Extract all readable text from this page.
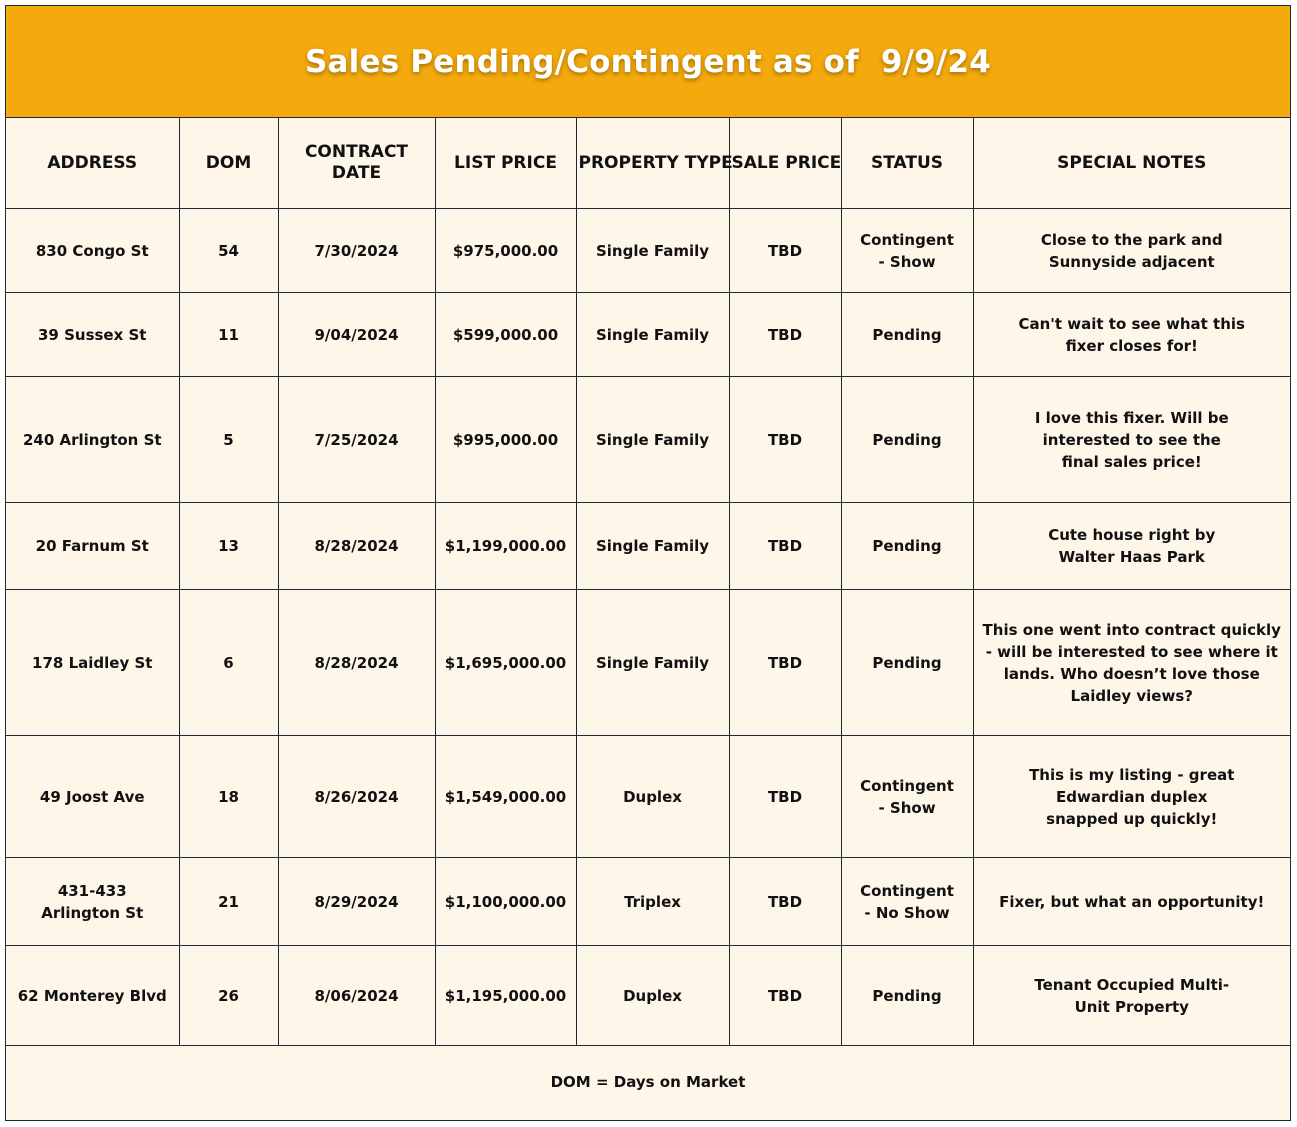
Sales Pending/Contingent as of  9/9/24
ADDRESS	DOM	CONTRACT DATE	LIST PRICE	PROPERTY TYPE	SALE PRICE	STATUS	SPECIAL NOTES
830 Congo St	54	7/30/2024	$975,000.00	Single Family	TBD	Contingent - Show	Close to the park and Sunnyside adjacent
39 Sussex St	11	9/04/2024	$599,000.00	Single Family	TBD	Pending	Can't wait to see what this fixer closes for!
240 Arlington St	5	7/25/2024	$995,000.00	Single Family	TBD	Pending	I love this fixer. Will be interested to see the final sales price!
20 Farnum St	13	8/28/2024	$1,199,000.00	Single Family	TBD	Pending	Cute house right by Walter Haas Park
178 Laidley St	6	8/28/2024	$1,695,000.00	Single Family	TBD	Pending	This one went into contract quickly - will be interested to see where it lands. Who doesn’t love those Laidley views?
49 Joost Ave	18	8/26/2024	$1,549,000.00	Duplex	TBD	Contingent - Show	This is my listing - great Edwardian duplex snapped up quickly!
431-433 Arlington St	21	8/29/2024	$1,100,000.00	Triplex	TBD	Contingent - No Show	Fixer, but what an opportunity!
62 Monterey Blvd	26	8/06/2024	$1,195,000.00	Duplex	TBD	Pending	Tenant Occupied Multi-Unit Property
DOM = Days on Market
